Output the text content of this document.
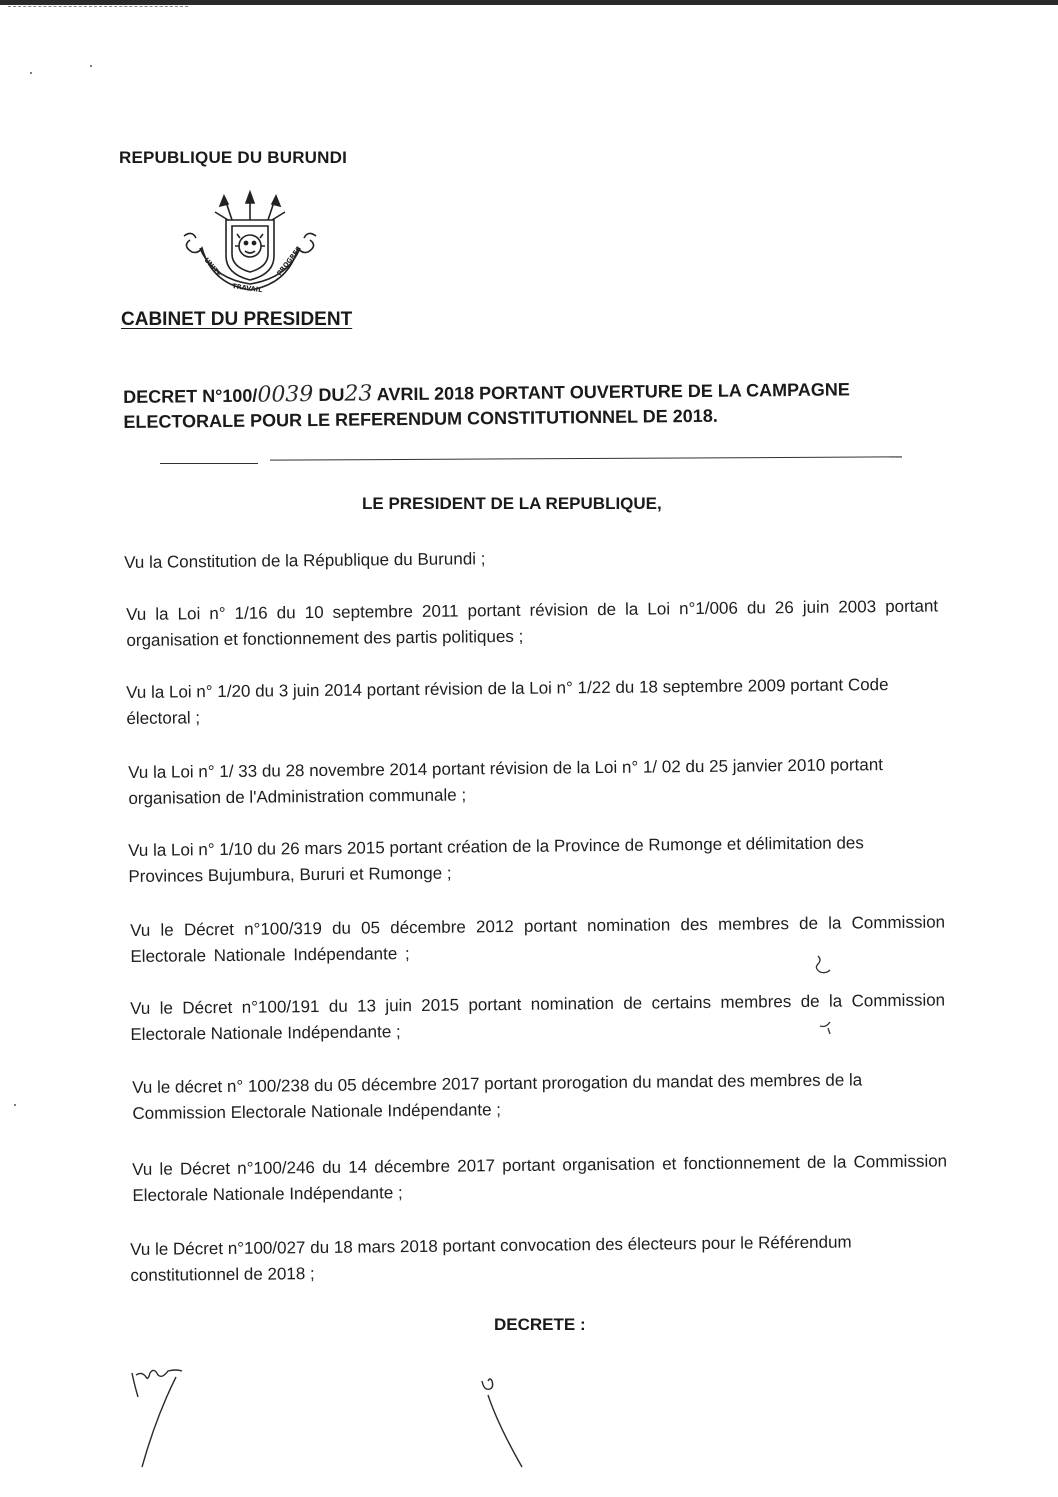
REPUBLIQUE DU BURUNDI
UNITE
TRAVAIL
PROGRES
CABINET DU PRESIDENT
DECRET N°100/0039 DU23 AVRIL 2018 PORTANT OUVERTURE DE LA CAMPAGNE ELECTORALE POUR LE REFERENDUM CONSTITUTIONNEL DE 2018.
LE PRESIDENT DE LA REPUBLIQUE,
Vu la Constitution de la République du Burundi ;
Vu la Loi n° 1/16 du 10 septembre 2011 portant révision de la Loi n°1/006 du 26 juin 2003 portant organisation et fonctionnement des partis politiques ;
Vu la Loi n° 1/20 du 3 juin 2014 portant révision de la Loi n° 1/22 du 18 septembre 2009 portant Code électoral ;
Vu la Loi n° 1/ 33 du 28 novembre 2014 portant révision de la Loi n° 1/ 02 du 25 janvier 2010 portant organisation de l'Administration communale ;
Vu la Loi n° 1/10 du 26 mars 2015 portant création de la Province de Rumonge et délimitation des Provinces Bujumbura, Bururi et Rumonge ;
Vu le Décret n°100/319 du 05 décembre 2012 portant nomination des membres de la Commission Electorale Nationale Indépendante ;
Vu le Décret n°100/191 du 13 juin 2015 portant nomination de certains membres de la Commission Electorale Nationale Indépendante ;
Vu le décret n° 100/238 du 05 décembre 2017 portant prorogation du mandat des membres de la Commission Electorale Nationale Indépendante ;
Vu le Décret n°100/246 du 14 décembre 2017 portant organisation et fonctionnement de la Commission Electorale Nationale Indépendante ;
Vu le Décret n°100/027 du 18 mars 2018 portant convocation des électeurs pour le Référendum constitutionnel de 2018 ;
DECRETE :
